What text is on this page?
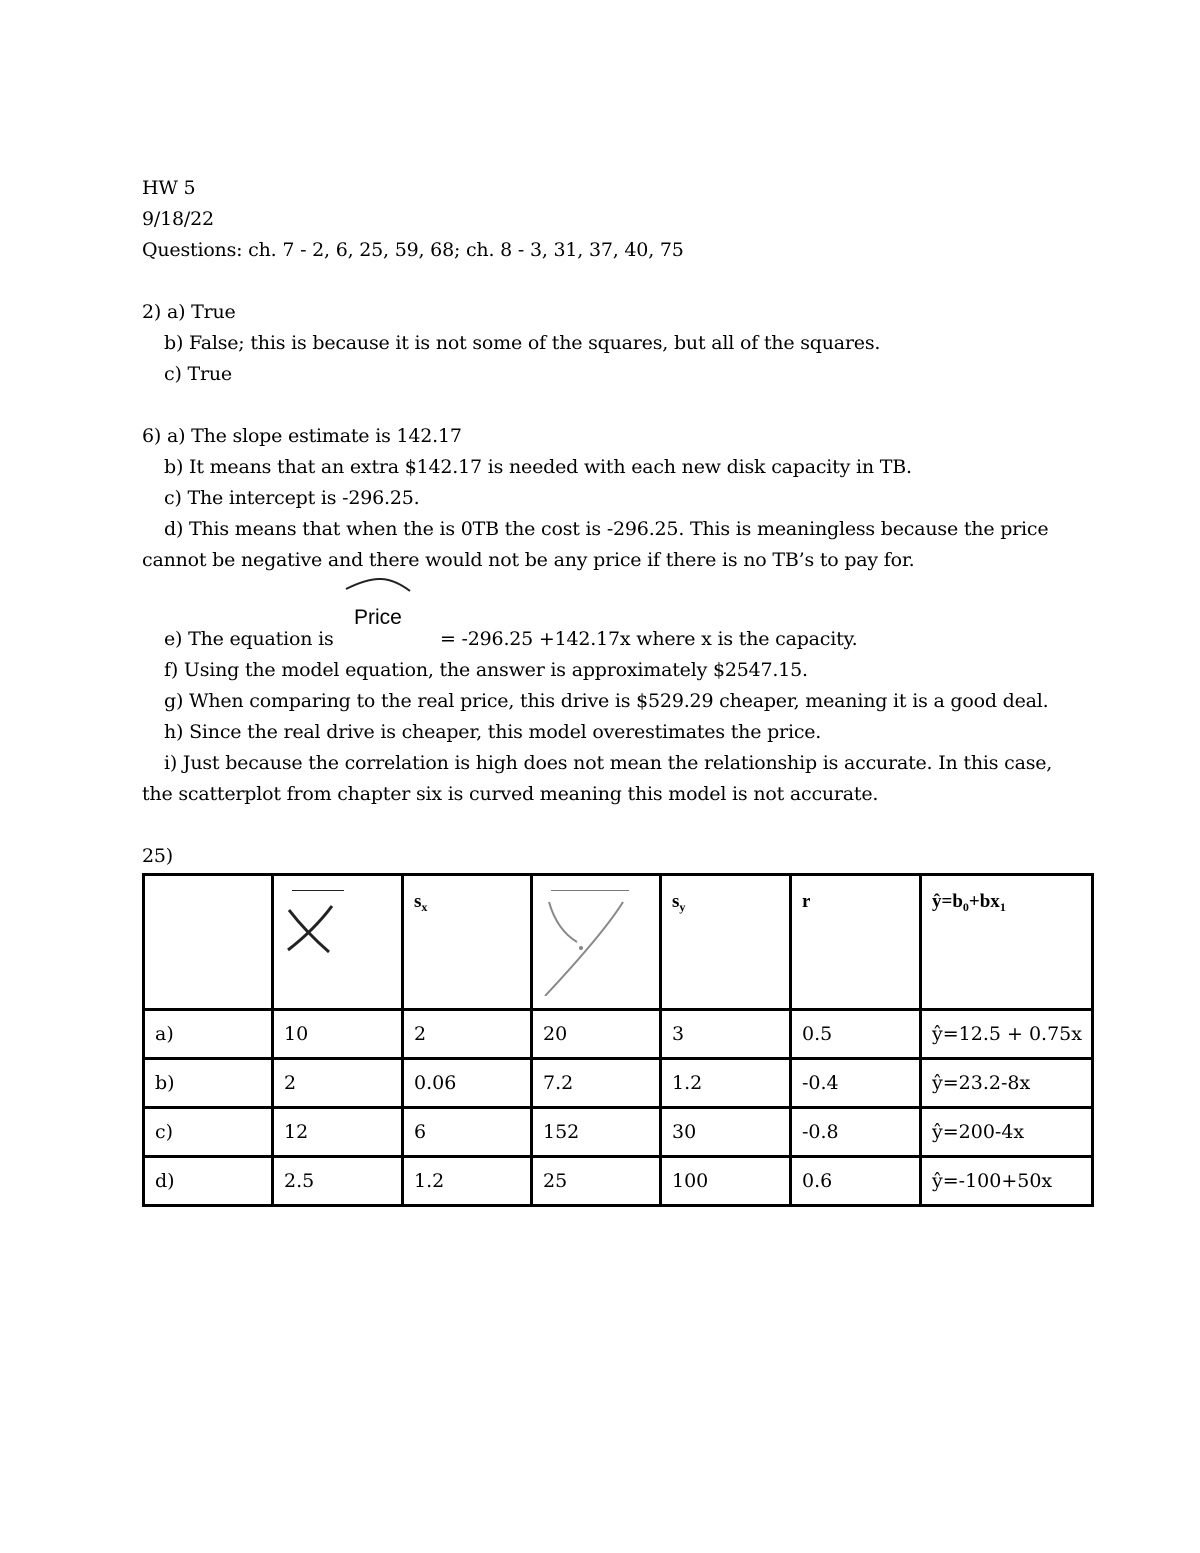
HW 5
9/18/22
Questions: ch. 7 - 2, 6, 25, 59, 68; ch. 8 - 3, 31, 37, 40, 75
2) a) True
b) False; this is because it is not some of the squares, but all of the squares.
c) True
6) a) The slope estimate is 142.17
b) It means that an extra $142.17 is needed with each new disk capacity in TB.
c) The intercept is -296.25.
d) This means that when the is 0TB the cost is -296.25. This is meaningless because the price
cannot be negative and there would not be any price if there is no TB’s to pay for.
Price
e) The equation is	= -296.25 +142.17x where x is the capacity.
f) Using the model equation, the answer is approximately $2547.15.
g) When comparing to the real price, this drive is $529.29 cheaper, meaning it is a good deal.
h) Since the real drive is cheaper, this model overestimates the price.
i) Just because the correlation is high does not mean the relationship is accurate. In this case,
the scatterplot from chapter six is curved meaning this model is not accurate.
25)
		$s_x$		$s_y$	r	$ŷ=b_0+bx_1$
a)	10	2	20	3	0.5	ŷ=12.5 + 0.75x
b)	2	0.06	7.2	1.2	-0.4	ŷ=23.2-8x
c)	12	6	152	30	-0.8	ŷ=200-4x
d)	2.5	1.2	25	100	0.6	ŷ=-100+50x
